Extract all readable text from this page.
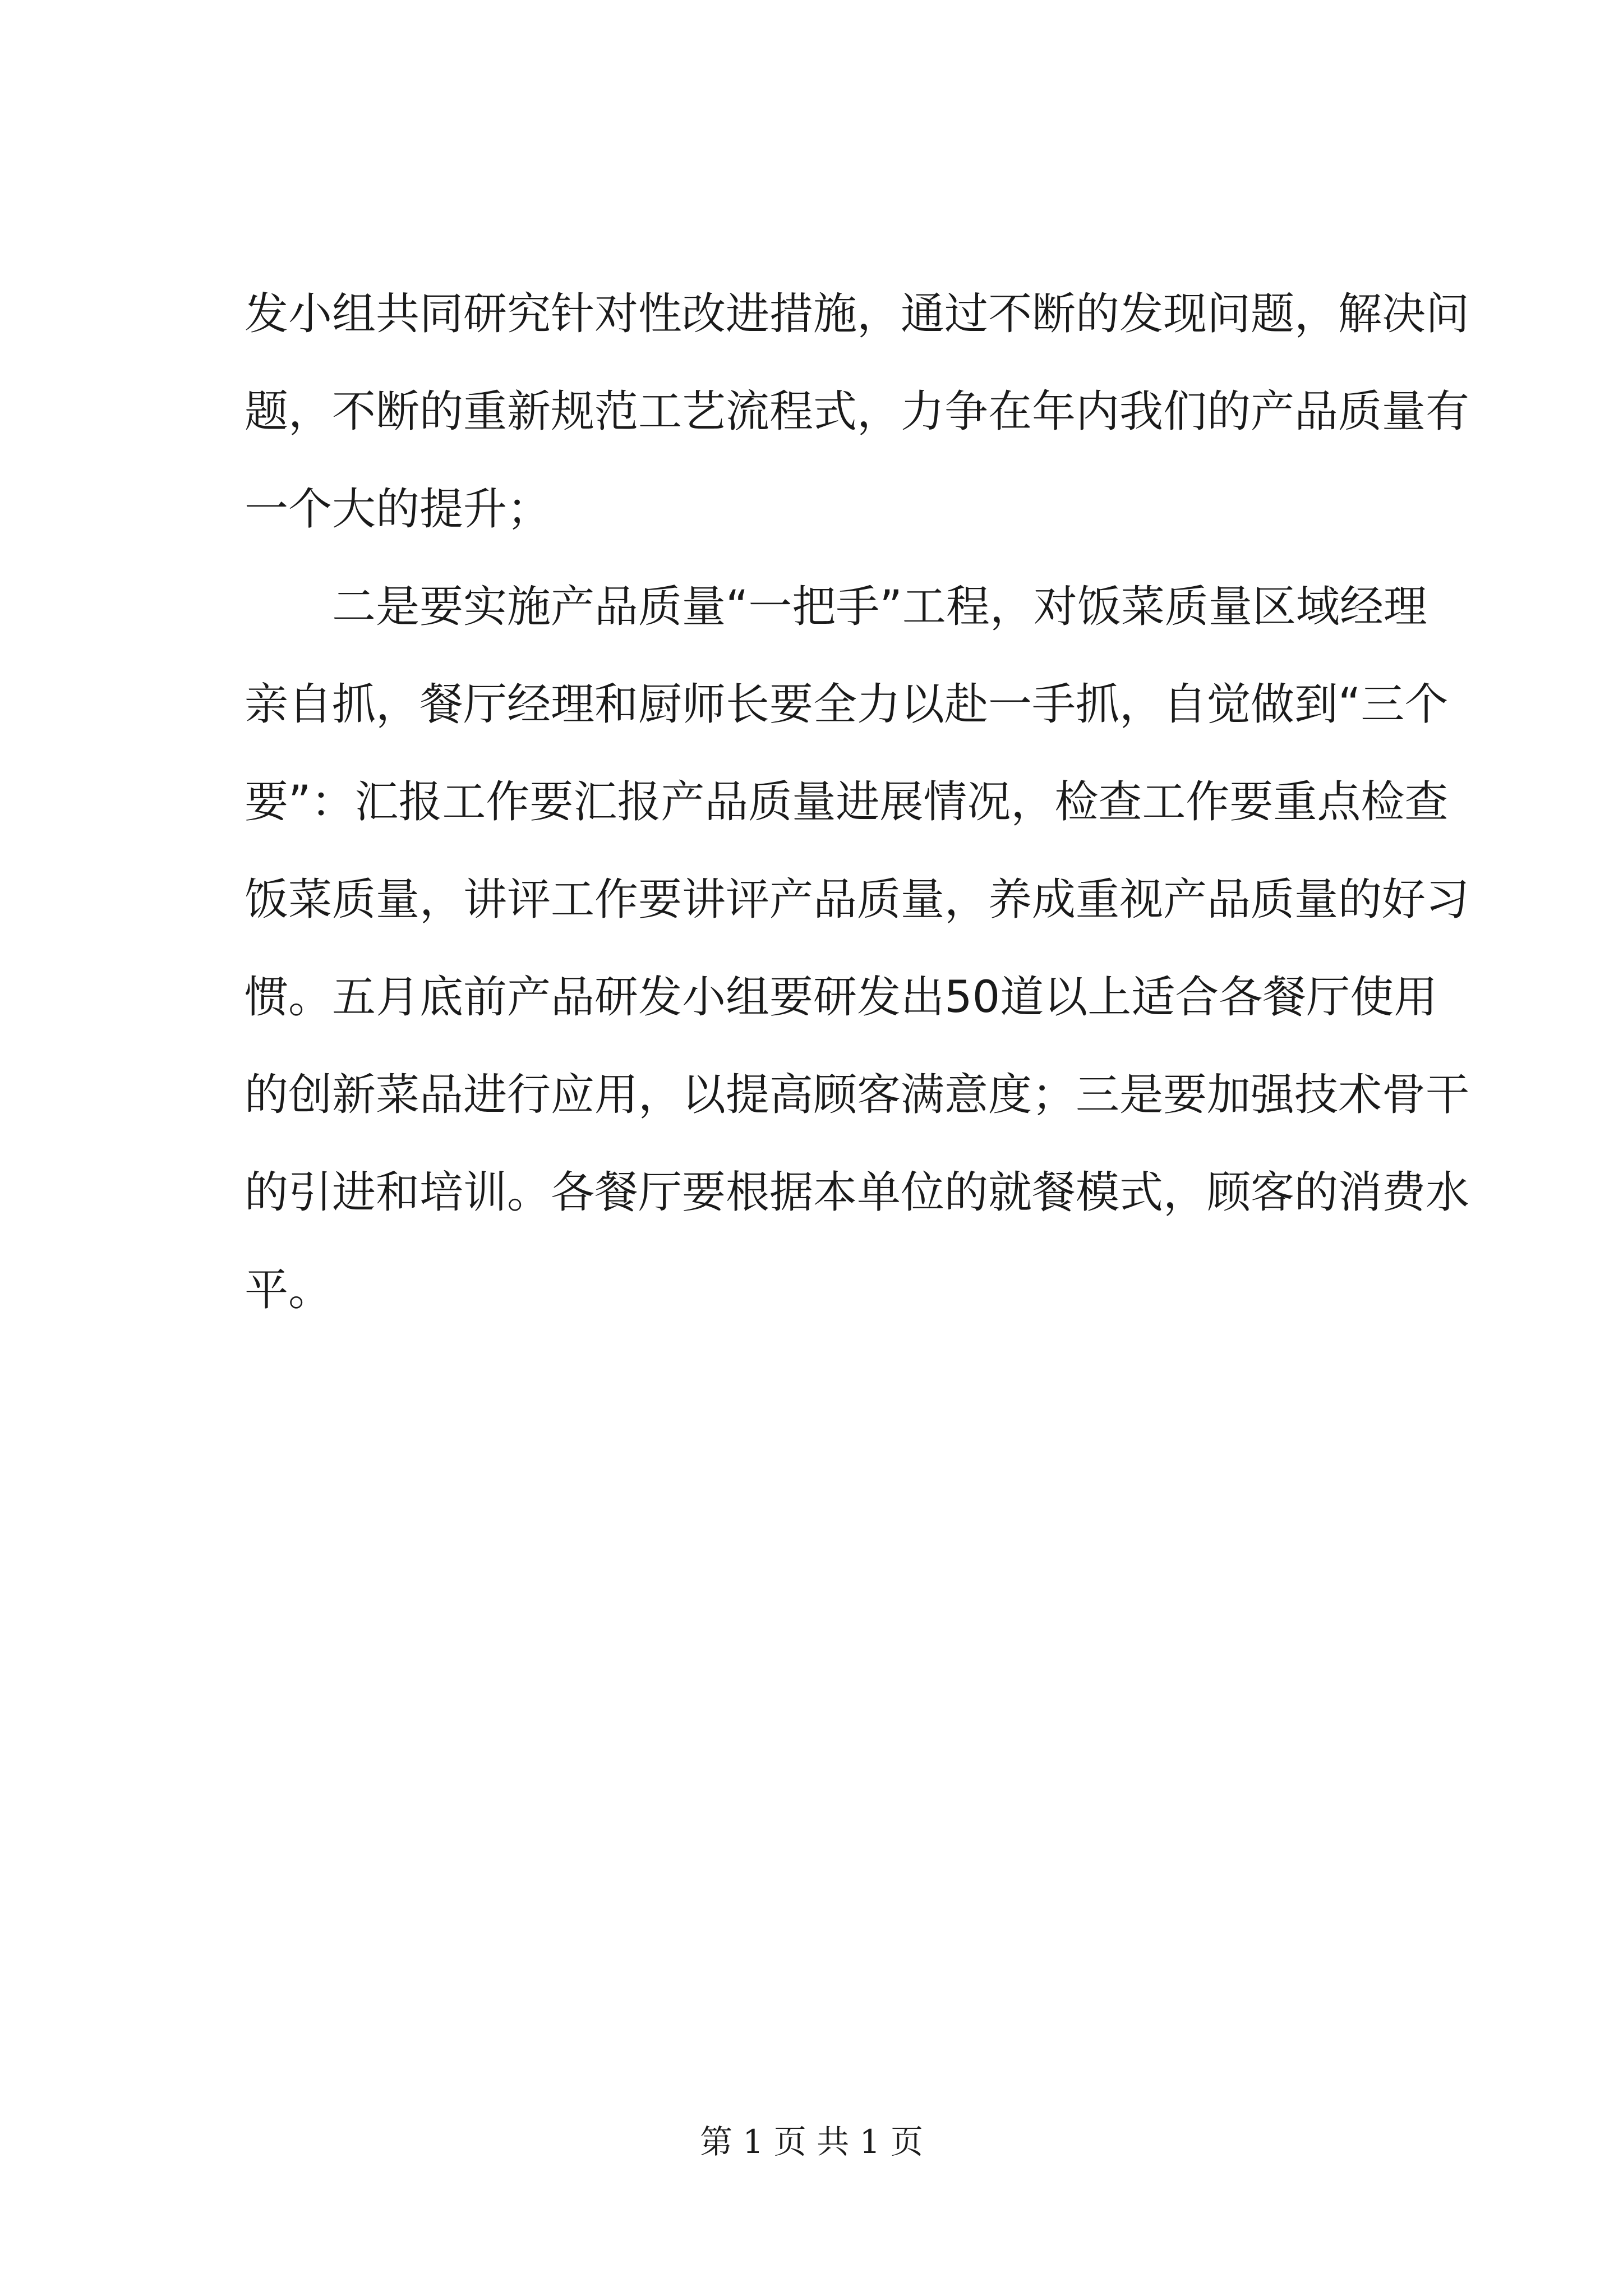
发小组共同研究针对性改进措施，通过不断的发现问题，解决问
题，不断的重新规范工艺流程式，力争在年内我们的产品质量有
一个大的提升；
　　二是要实施产品质量“一把手”工程，对饭菜质量区域经理
亲自抓，餐厅经理和厨师长要全力以赴一手抓，自觉做到“三个
要”：汇报工作要汇报产品质量进展情况，检查工作要重点检查
饭菜质量，讲评工作要讲评产品质量，养成重视产品质量的好习
惯。五月底前产品研发小组要研发出50道以上适合各餐厅使用
的创新菜品进行应用，以提高顾客满意度；三是要加强技术骨干
的引进和培训。各餐厅要根据本单位的就餐模式，顾客的消费水
平。
第 1 页 共 1 页
